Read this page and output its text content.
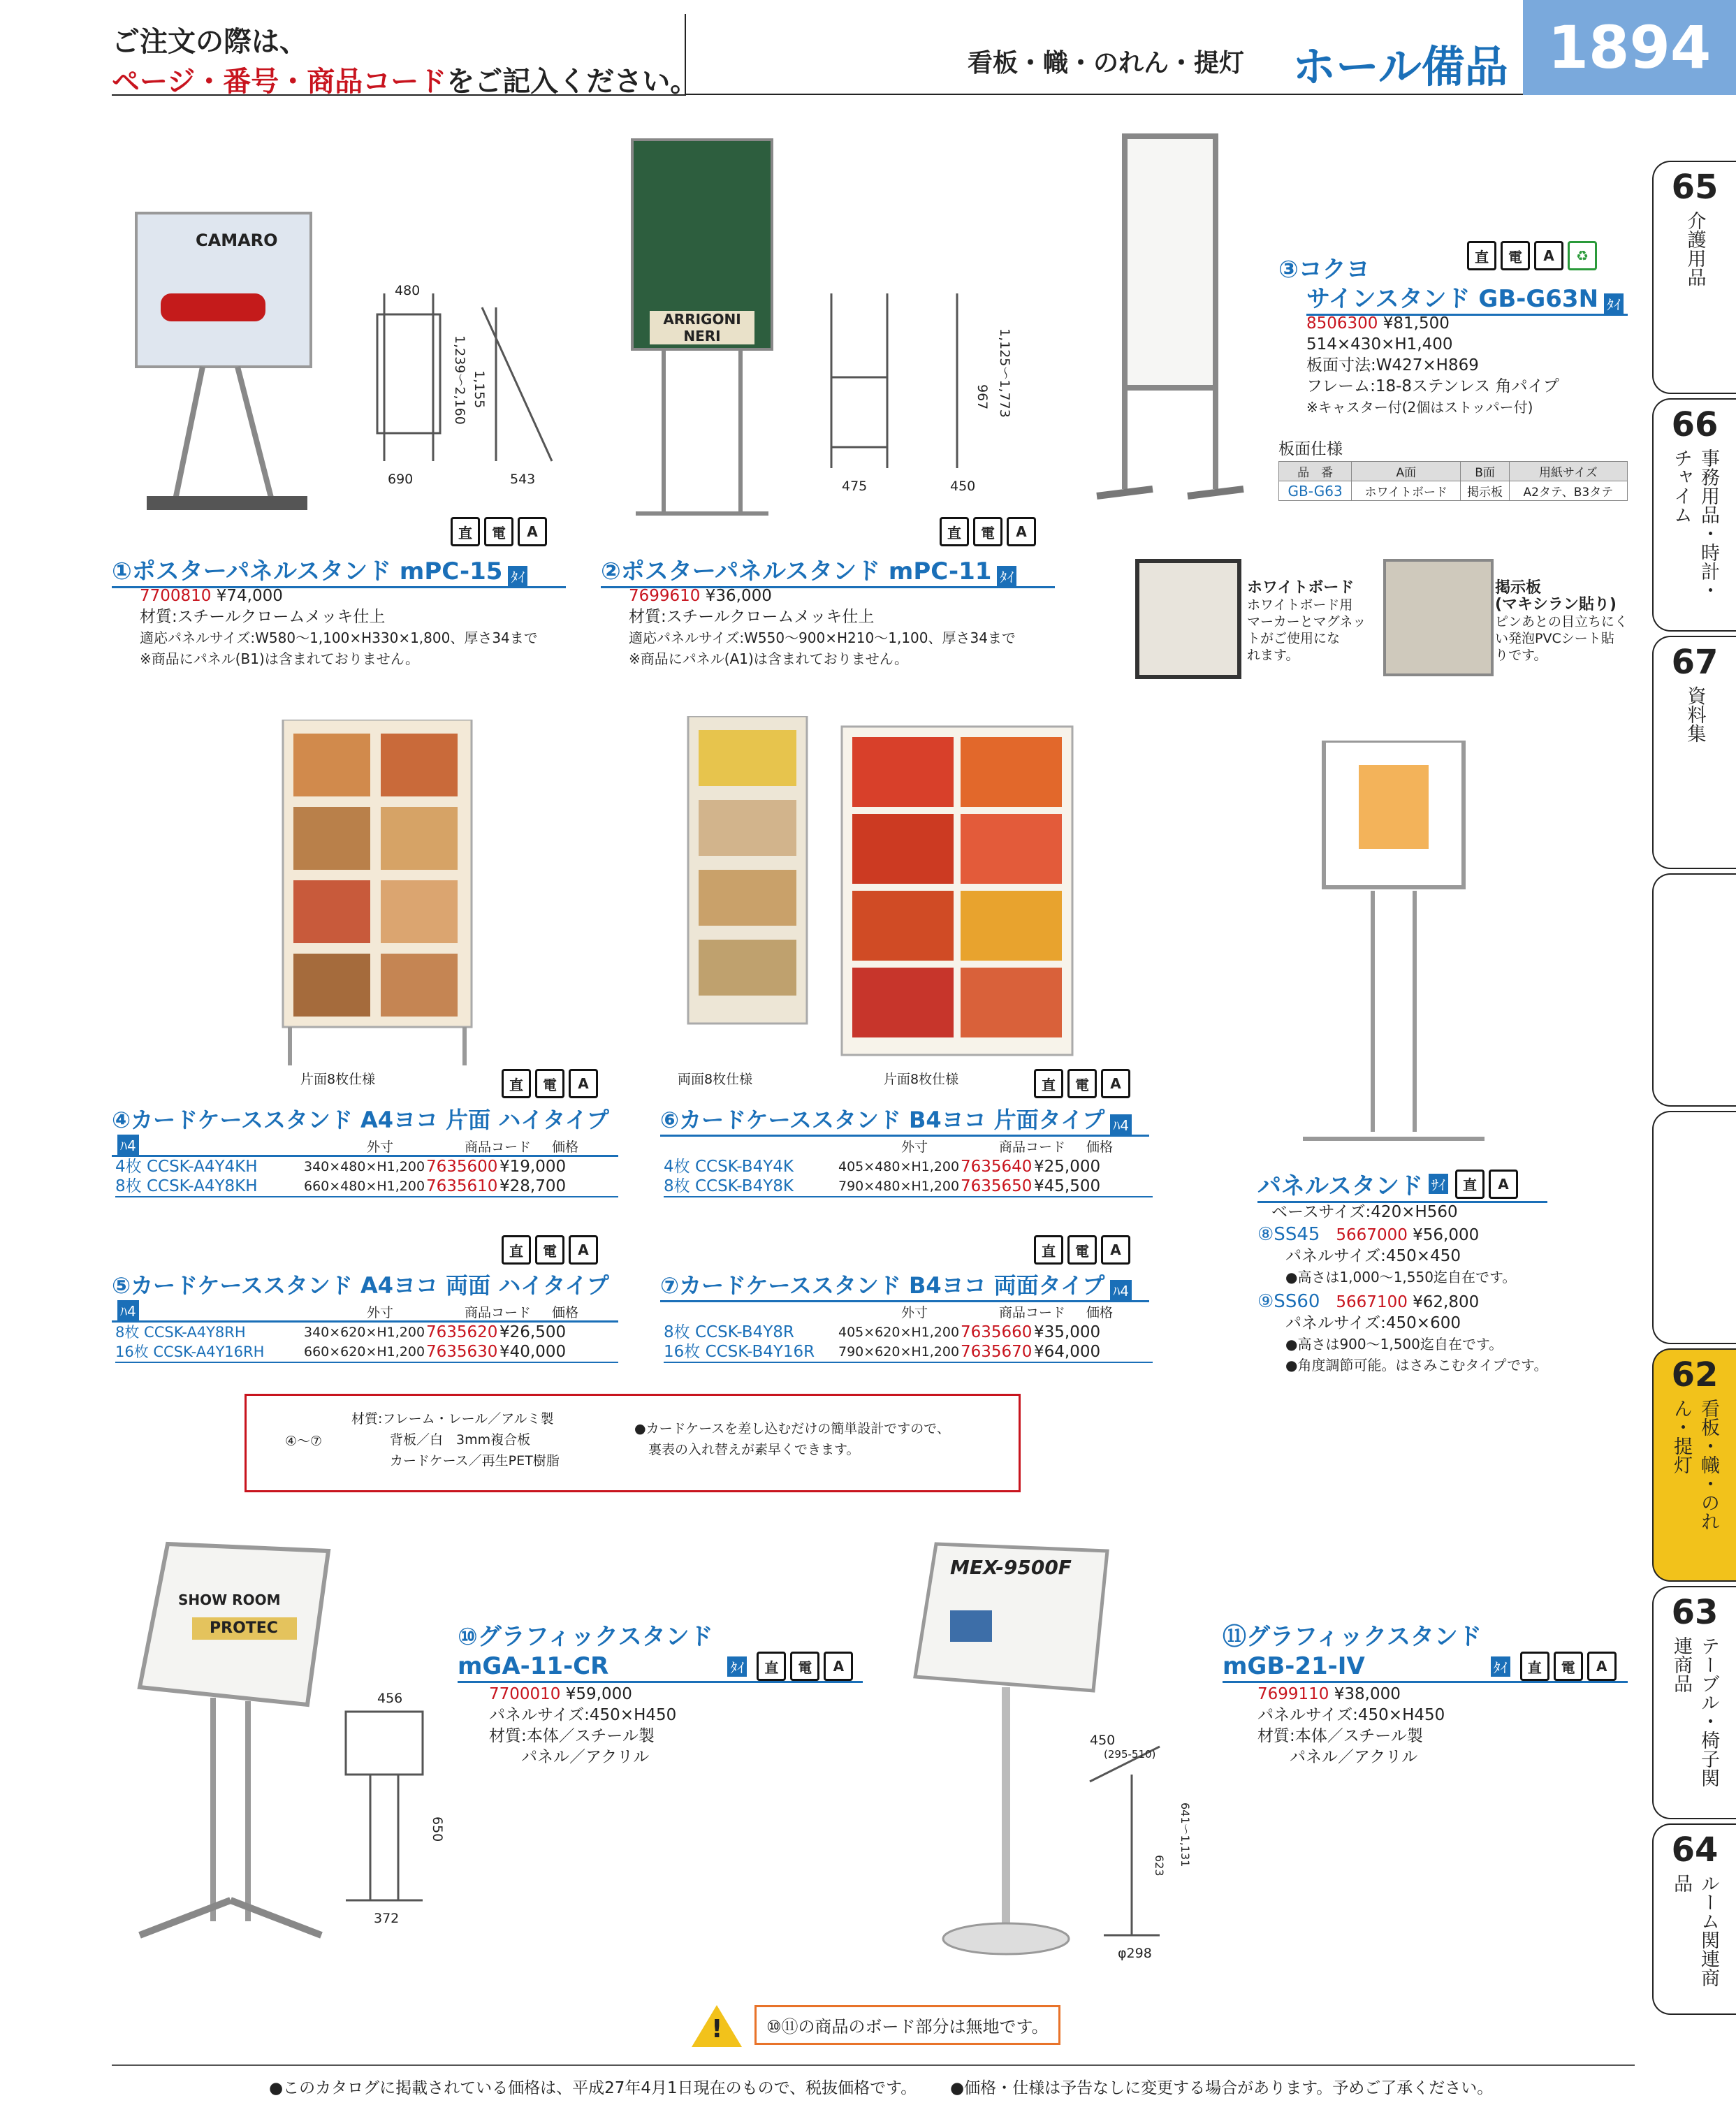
ご注文の際は、
ページ・番号・商品コードをご記入ください。
看板・幟・のれん・提灯 ホール備品 1894
65
介護用品
66
事務用品・時計・チャイム
67
資料集
62
看板・幟・のれん・提灯
63
テーブル・椅子関連商品
64
ルーム関連商品
CAMARO
480
690	543
1,239〜2,160 1,155
直	電	A
①ポスターパネルスタンド mPC-15 ﾀｲ
7700810 ¥74,000
材質:スチールクロームメッキ仕上
適応パネルサイズ:W580〜1,100×H330×1,800、厚さ34まで
※商品にパネル(B1)は含まれておりません。
ARRIGONI NERI
475	450
967 1,125〜1,773
直	電	A
②ポスターパネルスタンド mPC-11 ﾀｲ
7699610 ¥36,000
材質:スチールクロームメッキ仕上
適応パネルサイズ:W550〜900×H210〜1,100、厚さ34まで
※商品にパネル(A1)は含まれておりません。
直	電	A	♻
③コクヨ
サインスタンド GB-G63N ﾀｲ
8506300 ¥81,500
514×430×H1,400
板面寸法:W427×H869
フレーム:18-8ステンレス 角パイプ
※キャスター付(2個はストッパー付)
板面仕様
品　番	A面	B面	用紙サイズ
GB-G63	ホワイトボード	掲示板	A2タテ、B3タテ
ホワイトボード
ホワイトボード用
マーカーとマグネッ
トがご使用にな
れます。
掲示板
(マキシラン貼り)
ピンあとの目立ちにく
い発泡PVCシート貼
りです。
片面8枚仕様	直	電	A
④カードケーススタンド A4ヨコ 片面 ハイタイプﾊ4	外寸	商品コード	価格
4枚 CCSK-A4Y4KH	340×480×H1,200 7635600 ¥19,000
8枚 CCSK-A4Y8KH	660×480×H1,200 7635610 ¥28,700
直	電	A
⑤カードケーススタンド A4ヨコ 両面 ハイタイプﾊ4	外寸	商品コード	価格
8枚 CCSK-A4Y8RH	340×620×H1,200 7635620 ¥26,500
16枚 CCSK-A4Y16RH	660×620×H1,200 7635630 ¥40,000
両面8枚仕様	片面8枚仕様	直	電	A
⑥カードケーススタンド B4ヨコ 片面タイプ ﾊ4
外寸	商品コード	価格
4枚 CCSK-B4Y4K	405×480×H1,200 7635640 ¥25,000
8枚 CCSK-B4Y8K	790×480×H1,200 7635650 ¥45,500
直	電	A
⑦カードケーススタンド B4ヨコ 両面タイプ ﾊ4
外寸	商品コード	価格
8枚 CCSK-B4Y8R	405×620×H1,200 7635660 ¥35,000
16枚 CCSK-B4Y16R	790×620×H1,200 7635670 ¥64,000
④〜⑦
材質:フレーム・レール／アルミ製
背板／白　3mm複合板
カードケース／再生PET樹脂
●カードケースを差し込むだけの簡単設計ですので、
裏表の入れ替えが素早くできます。
パネルスタンド ｻｲ	直	A
ベースサイズ:420×H560
⑧SS45　 5667000 ¥56,000
パネルサイズ:450×450
●高さは1,000〜1,550迄自在です。
⑨SS60　 5667100 ¥62,800
パネルサイズ:450×600
●高さは900〜1,500迄自在です。
●角度調節可能。はさみこむタイプです。
SHOW ROOM
PROTEC
456
650
372
⑩グラフィックスタンド
mGA-11-CR	ﾀｲ	直	電	A
7700010 ¥59,000
パネルサイズ:450×H450
材質:本体／スチール製
　　パネル／アクリル
MEX-9500F
450
(295-510)
623 641〜1,131
φ298
⑪グラフィックスタンド
mGB-21-IV	ﾀｲ	直	電	A
7699110 ¥38,000
パネルサイズ:450×H450
材質:本体／スチール製
　　パネル／アクリル
!	⑩⑪の商品のボード部分は無地です。
●このカタログに掲載されている価格は、平成27年4月1日現在のもので、税抜価格です。 ●価格・仕様は予告なしに変更する場合があります。予めご了承ください。
